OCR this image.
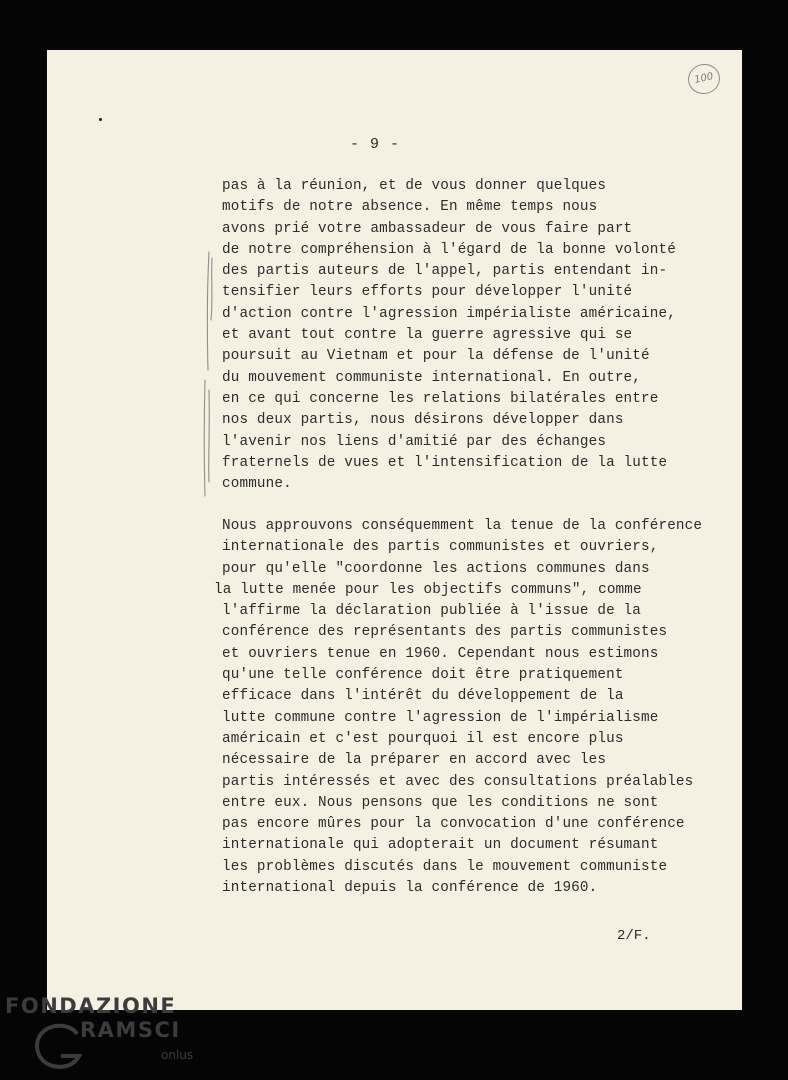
100
- 9 -
pas à la réunion, et de vous donner quelques
motifs de notre absence. En même temps nous
avons prié votre ambassadeur de vous faire part
de notre compréhension à l'égard de la bonne volonté
des partis auteurs de l'appel, partis entendant in-
tensifier leurs efforts pour développer l'unité
d'action contre l'agression impérialiste américaine,
et avant tout contre la guerre agressive qui se
poursuit au Vietnam et pour la défense de l'unité
du mouvement communiste international. En outre,
en ce qui concerne les relations bilatérales entre
nos deux partis, nous désirons développer dans
l'avenir nos liens d'amitié par des échanges
fraternels de vues et l'intensification de la lutte
commune.
Nous approuvons conséquemment la tenue de la conférence
internationale des partis communistes et ouvriers,
pour qu'elle "coordonne les actions communes dans
la lutte menée pour les objectifs communs", comme
l'affirme la déclaration publiée à l'issue de la
conférence des représentants des partis communistes
et ouvriers tenue en 1960. Cependant nous estimons
qu'une telle conférence doit être pratiquement
efficace dans l'intérêt du développement de la
lutte commune contre l'agression de l'impérialisme
américain et c'est pourquoi il est encore plus
nécessaire de la préparer en accord avec les
partis intéressés et avec des consultations préalables
entre eux. Nous pensons que les conditions ne sont
pas encore mûres pour la convocation d'une conférence
internationale qui adopterait un document résumant
les problèmes discutés dans le mouvement communiste
international depuis la conférence de 1960.
2/F.
FONDAZIONE
RAMSCI
onlus
